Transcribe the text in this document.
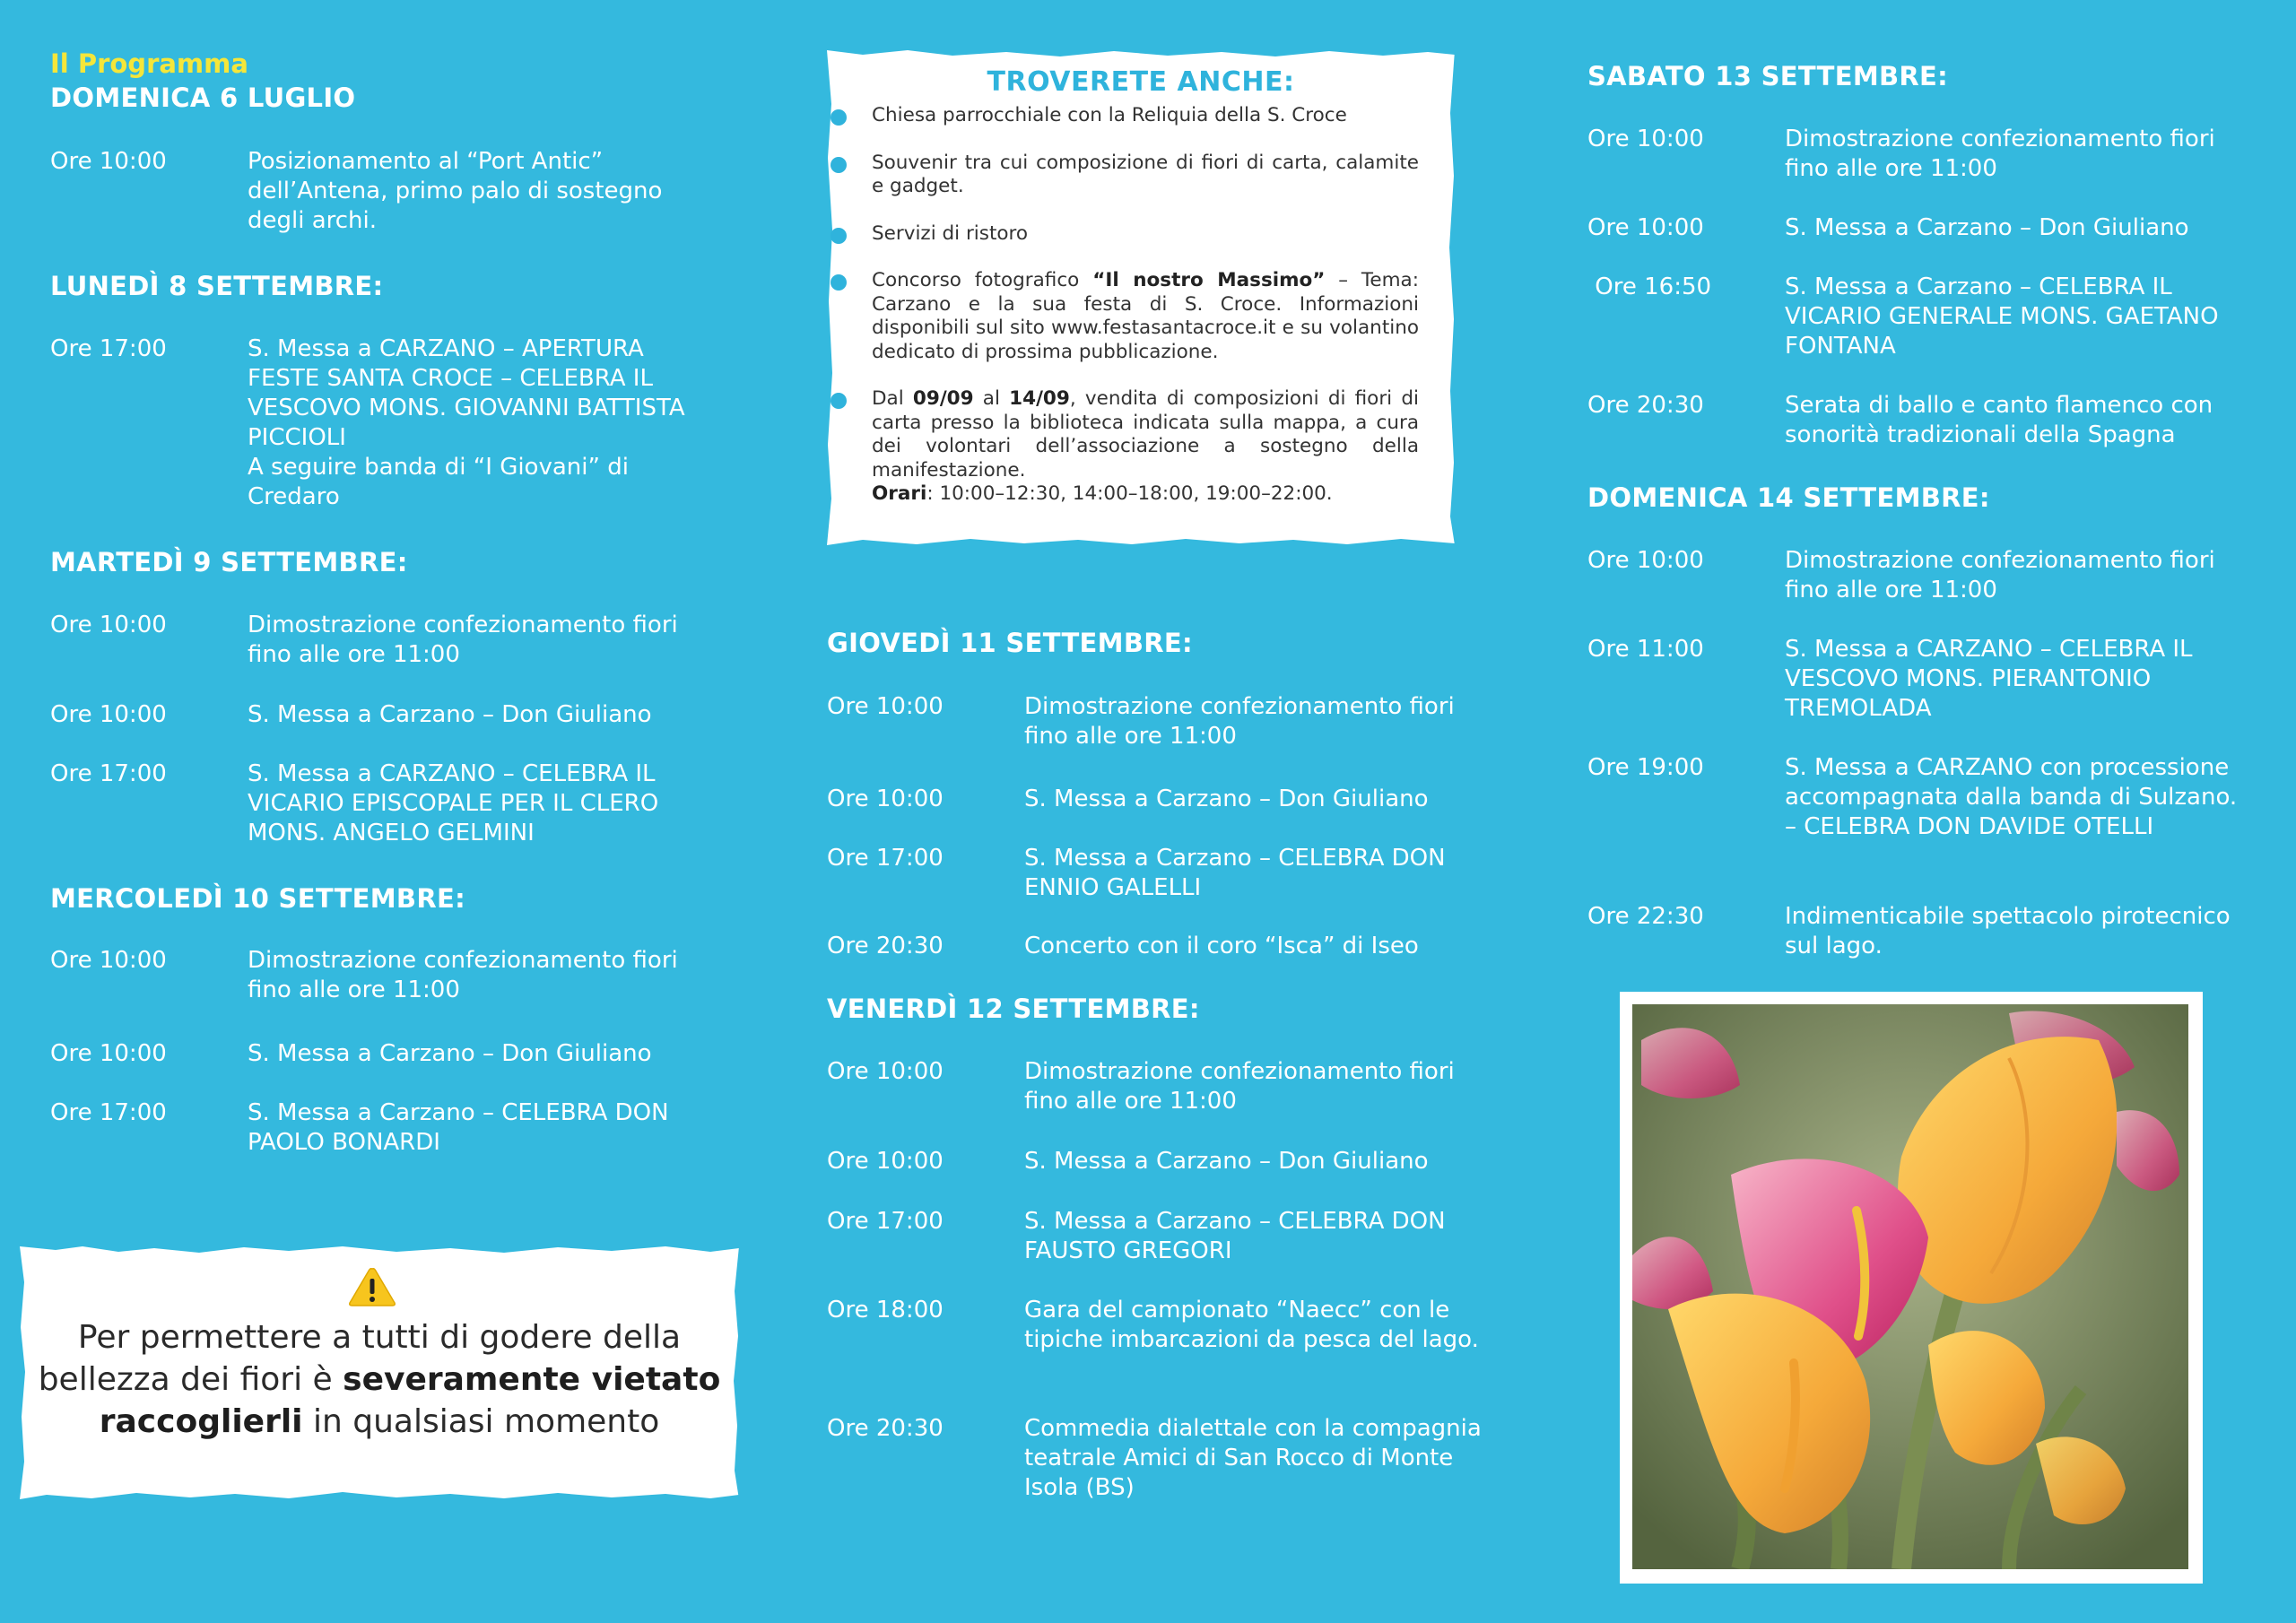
Il Programma
DOMENICA 6 LUGLIO
Ore 10:00	Posizionamento al “Port Antic” dell’Antena, primo palo di sostegno degli archi.
LUNEDÌ 8 SETTEMBRE:
Ore 17:00	S. Messa a CARZANO – APERTURA FESTE SANTA CROCE – CELEBRA IL VESCOVO MONS. GIOVANNI BATTISTA PICCIOLI
A seguire banda di “I Giovani” di Credaro
MARTEDÌ 9 SETTEMBRE:
Ore 10:00	Dimostrazione confezionamento fiori fino alle ore 11:00
Ore 10:00	S. Messa a Carzano – Don Giuliano
Ore 17:00	S. Messa a CARZANO – CELEBRA IL VICARIO EPISCOPALE PER IL CLERO MONS. ANGELO GELMINI
MERCOLEDÌ 10 SETTEMBRE:
Ore 10:00	Dimostrazione confezionamento fiori fino alle ore 11:00
Ore 10:00	S. Messa a Carzano – Don Giuliano
Ore 17:00	S. Messa a Carzano – CELEBRA DON PAOLO BONARDI
Per permettere a tutti di godere della bellezza dei fiori è severamente vietato raccoglierli in qualsiasi momento
TROVERETE ANCHE:
Chiesa parrocchiale con la Reliquia della S. Croce
Souvenir tra cui composizione di fiori di carta, calamite e gadget.
Servizi di ristoro
Concorso fotografico “Il nostro Massimo” – Tema: Carzano e la sua festa di S. Croce. Informazioni disponibili sul sito www.festasantacroce.it e su volantino dedicato di prossima pubblicazione.
Dal 09/09 al 14/09, vendita di composizioni di fiori di carta presso la biblioteca indicata sulla mappa, a cura dei volontari dell’associazione a sostegno della manifestazione.
Orari: 10:00–12:30, 14:00–18:00, 19:00–22:00.
GIOVEDÌ 11 SETTEMBRE:
Ore 10:00	Dimostrazione confezionamento fiori fino alle ore 11:00
Ore 10:00	S. Messa a Carzano – Don Giuliano
Ore 17:00	S. Messa a Carzano – CELEBRA DON ENNIO GALELLI
Ore 20:30	Concerto con il coro “Isca” di Iseo
VENERDÌ 12 SETTEMBRE:
Ore 10:00	Dimostrazione confezionamento fiori fino alle ore 11:00
Ore 10:00	S. Messa a Carzano – Don Giuliano
Ore 17:00	S. Messa a Carzano – CELEBRA DON FAUSTO GREGORI
Ore 18:00	Gara del campionato “Naecc” con le tipiche imbarcazioni da pesca del lago.
Ore 20:30	Commedia dialettale con la compagnia teatrale Amici di San Rocco di Monte Isola (BS)
SABATO 13 SETTEMBRE:
Ore 10:00	Dimostrazione confezionamento fiori fino alle ore 11:00
Ore 10:00	S. Messa a Carzano – Don Giuliano
Ore 16:50	S. Messa a Carzano – CELEBRA IL VICARIO GENERALE MONS. GAETANO FONTANA
Ore 20:30	Serata di ballo e canto flamenco con sonorità tradizionali della Spagna
DOMENICA 14 SETTEMBRE:
Ore 10:00	Dimostrazione confezionamento fiori fino alle ore 11:00
Ore 11:00	S. Messa a CARZANO – CELEBRA IL VESCOVO MONS. PIERANTONIO TREMOLADA
Ore 19:00	S. Messa a CARZANO con processione accompagnata dalla banda di Sulzano. – CELEBRA DON DAVIDE OTELLI
Ore 22:30	Indimenticabile spettacolo pirotecnico sul lago.
